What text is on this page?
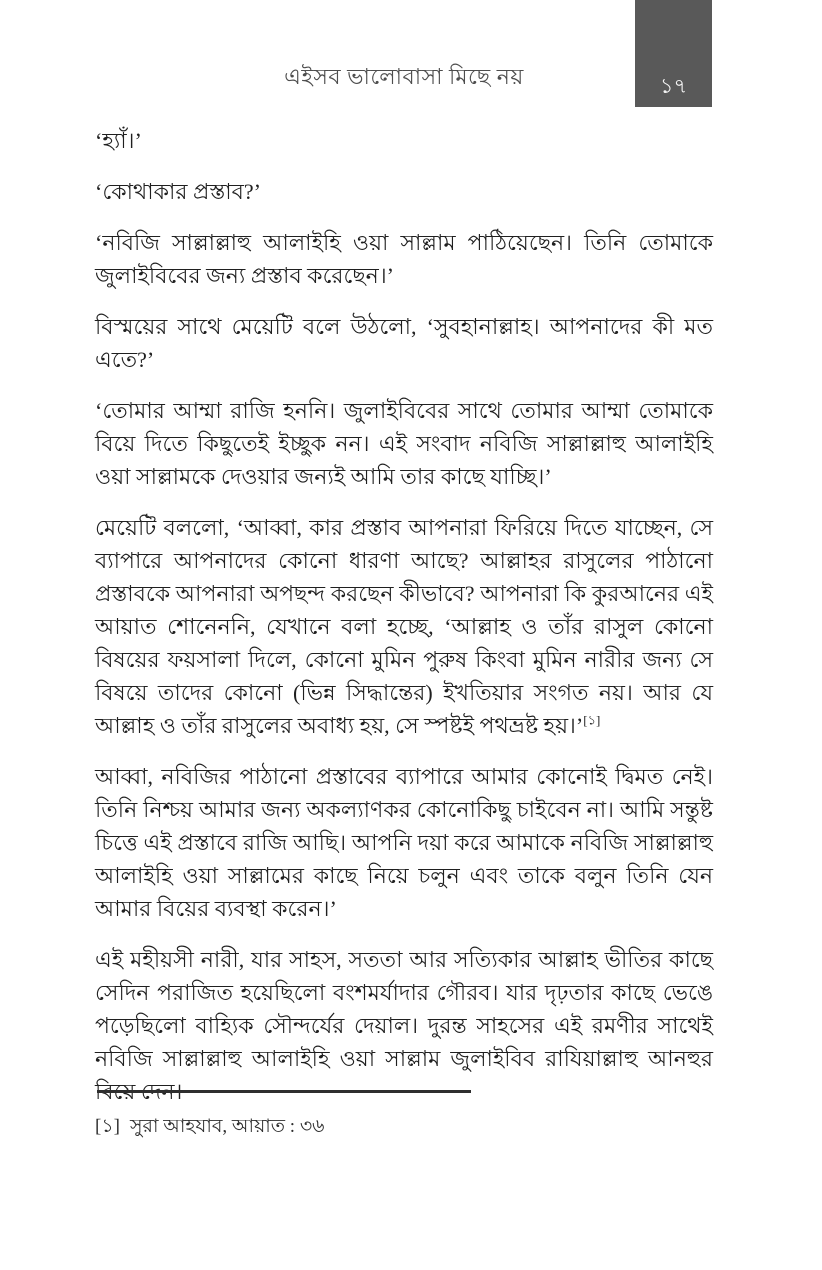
১৭
এইসব ভালোবাসা মিছে নয়

‘হ্যাঁ।’

‘কোথাকার প্রস্তাব?’

‘নবিজি সাল্লাল্লাহু আলাইহি ওয়া সাল্লাম পাঠিয়েছেন। তিনি তোমাকে জুলাইবিবের জন্য প্রস্তাব করেছেন।’

বিস্ময়ের সাথে মেয়েটি বলে উঠলো, ‘সুবহানাল্লাহ। আপনাদের কী মত এতে?’

‘তোমার আম্মা রাজি হননি। জুলাইবিবের সাথে তোমার আম্মা তোমাকে বিয়ে দিতে কিছুতেই ইচ্ছুক নন। এই সংবাদ নবিজি সাল্লাল্লাহু আলাইহি ওয়া সাল্লামকে দেওয়ার জন্যই আমি তার কাছে যাচ্ছি।’

মেয়েটি বললো, ‘আব্বা, কার প্রস্তাব আপনারা ফিরিয়ে দিতে যাচ্ছেন, সে ব্যাপারে আপনাদের কোনো ধারণা আছে? আল্লাহর রাসুলের পাঠানো প্রস্তাবকে আপনারা অপছন্দ করছেন কীভাবে? আপনারা কি কুরআনের এই আয়াত শোনেননি, যেখানে বলা হচ্ছে, ‘আল্লাহ ও তাঁর রাসুল কোনো বিষয়ের ফয়সালা দিলে, কোনো মুমিন পুরুষ কিংবা মুমিন নারীর জন্য সে বিষয়ে তাদের কোনো (ভিন্ন সিদ্ধান্তের) ইখতিয়ার সংগত নয়। আর যে আল্লাহ ও তাঁর রাসুলের অবাধ্য হয়, সে স্পষ্টই পথভ্রষ্ট হয়।’[১]

আব্বা, নবিজির পাঠানো প্রস্তাবের ব্যাপারে আমার কোনোই দ্বিমত নেই। তিনি নিশ্চয় আমার জন্য অকল্যাণকর কোনোকিছু চাইবেন না। আমি সন্তুষ্ট চিত্তে এই প্রস্তাবে রাজি আছি। আপনি দয়া করে আমাকে নবিজি সাল্লাল্লাহু আলাইহি ওয়া সাল্লামের কাছে নিয়ে চলুন এবং তাকে বলুন তিনি যেন আমার বিয়ের ব্যবস্থা করেন।’

এই মহীয়সী নারী, যার সাহস, সততা আর সত্যিকার আল্লাহ ভীতির কাছে সেদিন পরাজিত হয়েছিলো বংশমর্যাদার গৌরব। যার দৃঢ়তার কাছে ভেঙে পড়েছিলো বাহ্যিক সৌন্দর্যের দেয়াল। দুরন্ত সাহসের এই রমণীর সাথেই নবিজি সাল্লাল্লাহু আলাইহি ওয়া সাল্লাম জুলাইবিব রাযিয়াল্লাহু আনহুর বিয়ে দেন।

[১] সুরা আহযাব, আয়াত : ৩৬
